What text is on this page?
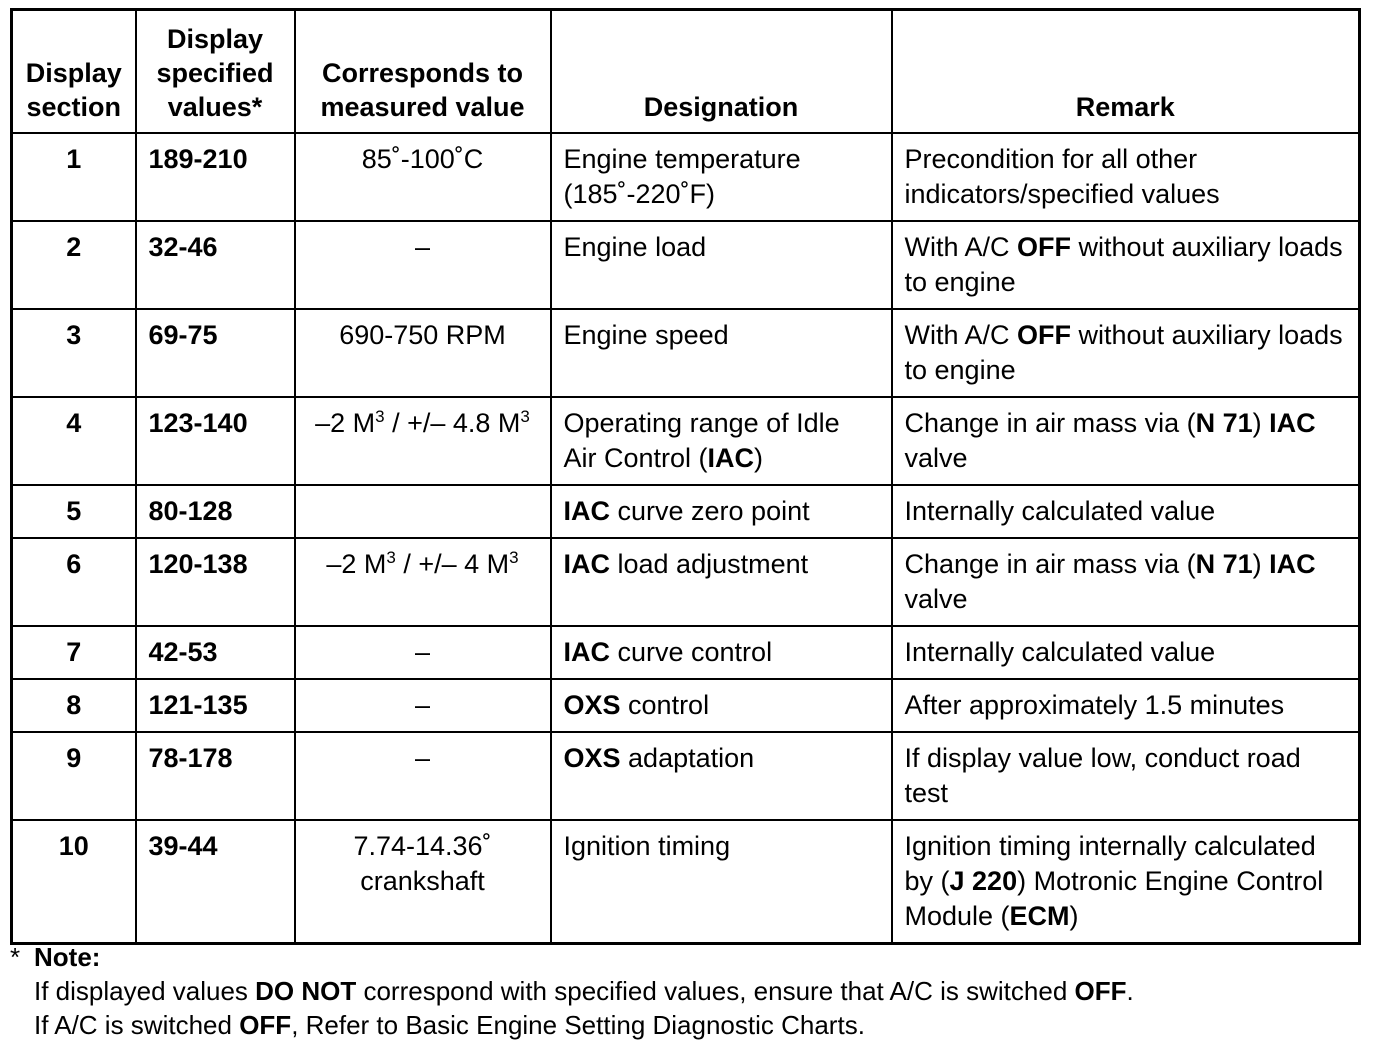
Display section	Display specified values*	Corresponds to measured value	Designation	Remark
1	189-210	85˚-100˚C	Engine temperature (185˚-220˚F)	Precondition for all other indicators/specified values
2	32-46	–	Engine load	With A/C OFF without auxiliary loads to engine
3	69-75	690-750 RPM	Engine speed	With A/C OFF without auxiliary loads to engine
4	123-140	–2 $M^3$ / +/– 4.8 $M^3$	Operating range of Idle Air Control (IAC)	Change in air mass via (N 71) IAC valve
5	80-128		IAC curve zero point	Internally calculated value
6	120-138	–2 $M^3$ / +/– 4 $M^3$	IAC load adjustment	Change in air mass via (N 71) IAC valve
7	42-53	–	IAC curve control	Internally calculated value
8	121-135	–	OXS control	After approximately 1.5 minutes
9	78-178	–	OXS adaptation	If display value low, conduct road test
10	39-44	7.74-14.36˚ crankshaft	Ignition timing	Ignition timing internally calculated by (J 220) Motronic Engine Control Module (ECM)
* Note:
If displayed values DO NOT correspond with specified values, ensure that A/C is switched OFF.
If A/C is switched OFF, Refer to Basic Engine Setting Diagnostic Charts.
